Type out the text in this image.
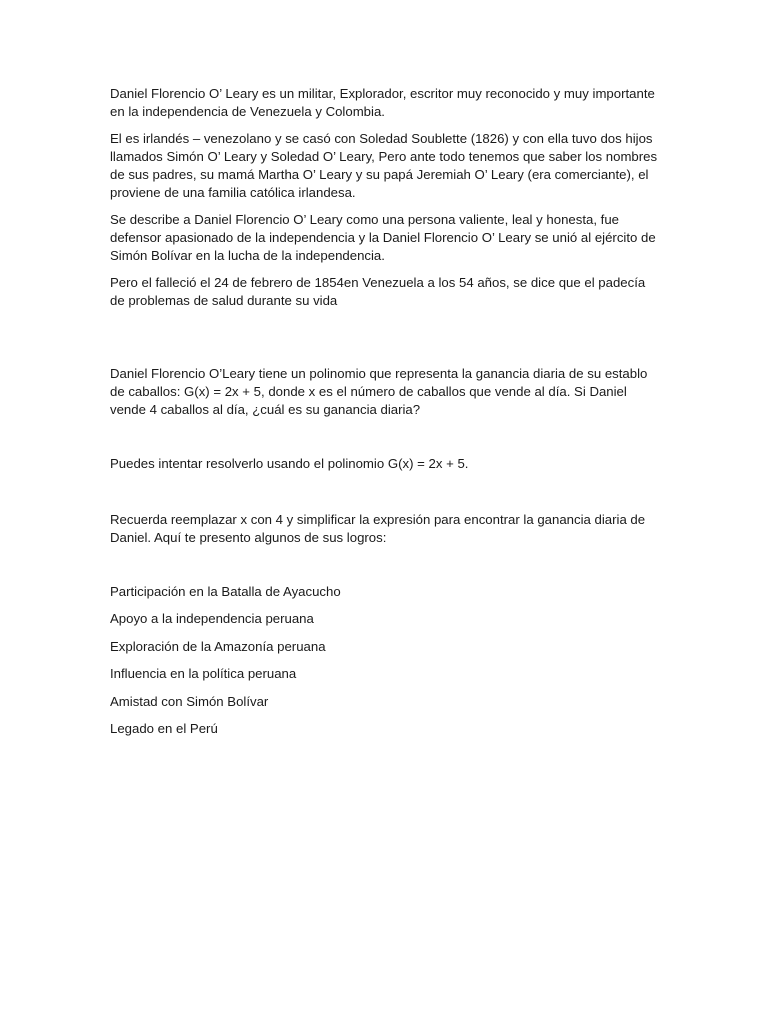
Daniel Florencio O’ Leary es un militar, Explorador, escritor muy reconocido y muy importante en la independencia de Venezuela y Colombia.

El es irlandés – venezolano y se casó con Soledad Soublette (1826) y con ella tuvo dos hijos llamados Simón O’ Leary y Soledad O’ Leary, Pero ante todo tenemos que saber los nombres de sus padres, su mamá Martha O’ Leary y su papá Jeremiah O’ Leary (era comerciante), el proviene de una familia católica irlandesa.

Se describe a Daniel Florencio O’ Leary como una persona valiente, leal y honesta, fue defensor apasionado de la independencia y la Daniel Florencio O’ Leary se unió al ejército de Simón Bolívar en la lucha de la independencia.

Pero el falleció el 24 de febrero de 1854en Venezuela a los 54 años, se dice que el padecía de problemas de salud durante su vida

Daniel Florencio O’Leary tiene un polinomio que representa la ganancia diaria de su establo de caballos: G(x) = 2x + 5, donde x es el número de caballos que vende al día. Si Daniel vende 4 caballos al día, ¿cuál es su ganancia diaria?

Puedes intentar resolverlo usando el polinomio G(x) = 2x + 5.

Recuerda reemplazar x con 4 y simplificar la expresión para encontrar la ganancia diaria de Daniel. Aquí te presento algunos de sus logros:

Participación en la Batalla de Ayacucho

Apoyo a la independencia peruana

Exploración de la Amazonía peruana

Influencia en la política peruana

Amistad con Simón Bolívar

Legado en el Perú
